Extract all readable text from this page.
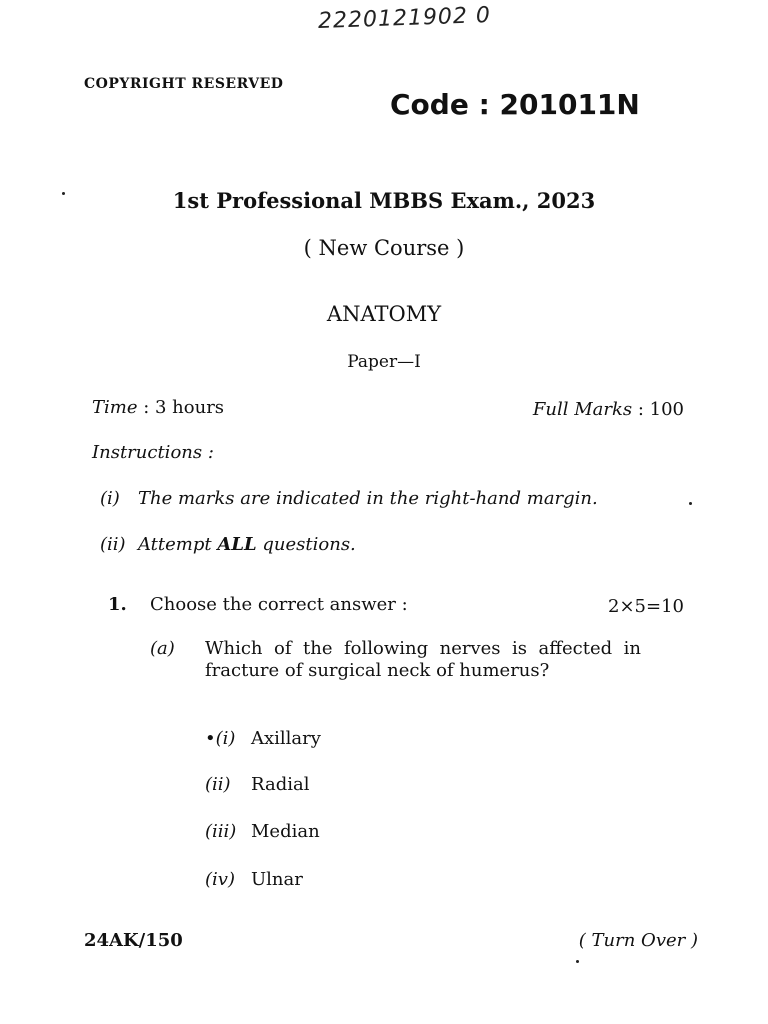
2220121902 0
COPYRIGHT RESERVED
Code : 201011N
1st Professional MBBS Exam., 2023
( New Course )
ANATOMY
Paper—I
Time : 3 hours	Full Marks : 100
Instructions :
(i) The marks are indicated in the right-hand margin.
(ii) Attempt ALL questions.
1. Choose the correct answer :	2×5=10
(a) Which of the following nerves is affected in fracture of surgical neck of humerus?
•(i) Axillary
(ii) Radial
(iii) Median
(iv) Ulnar
24AK/150	( Turn Over )
